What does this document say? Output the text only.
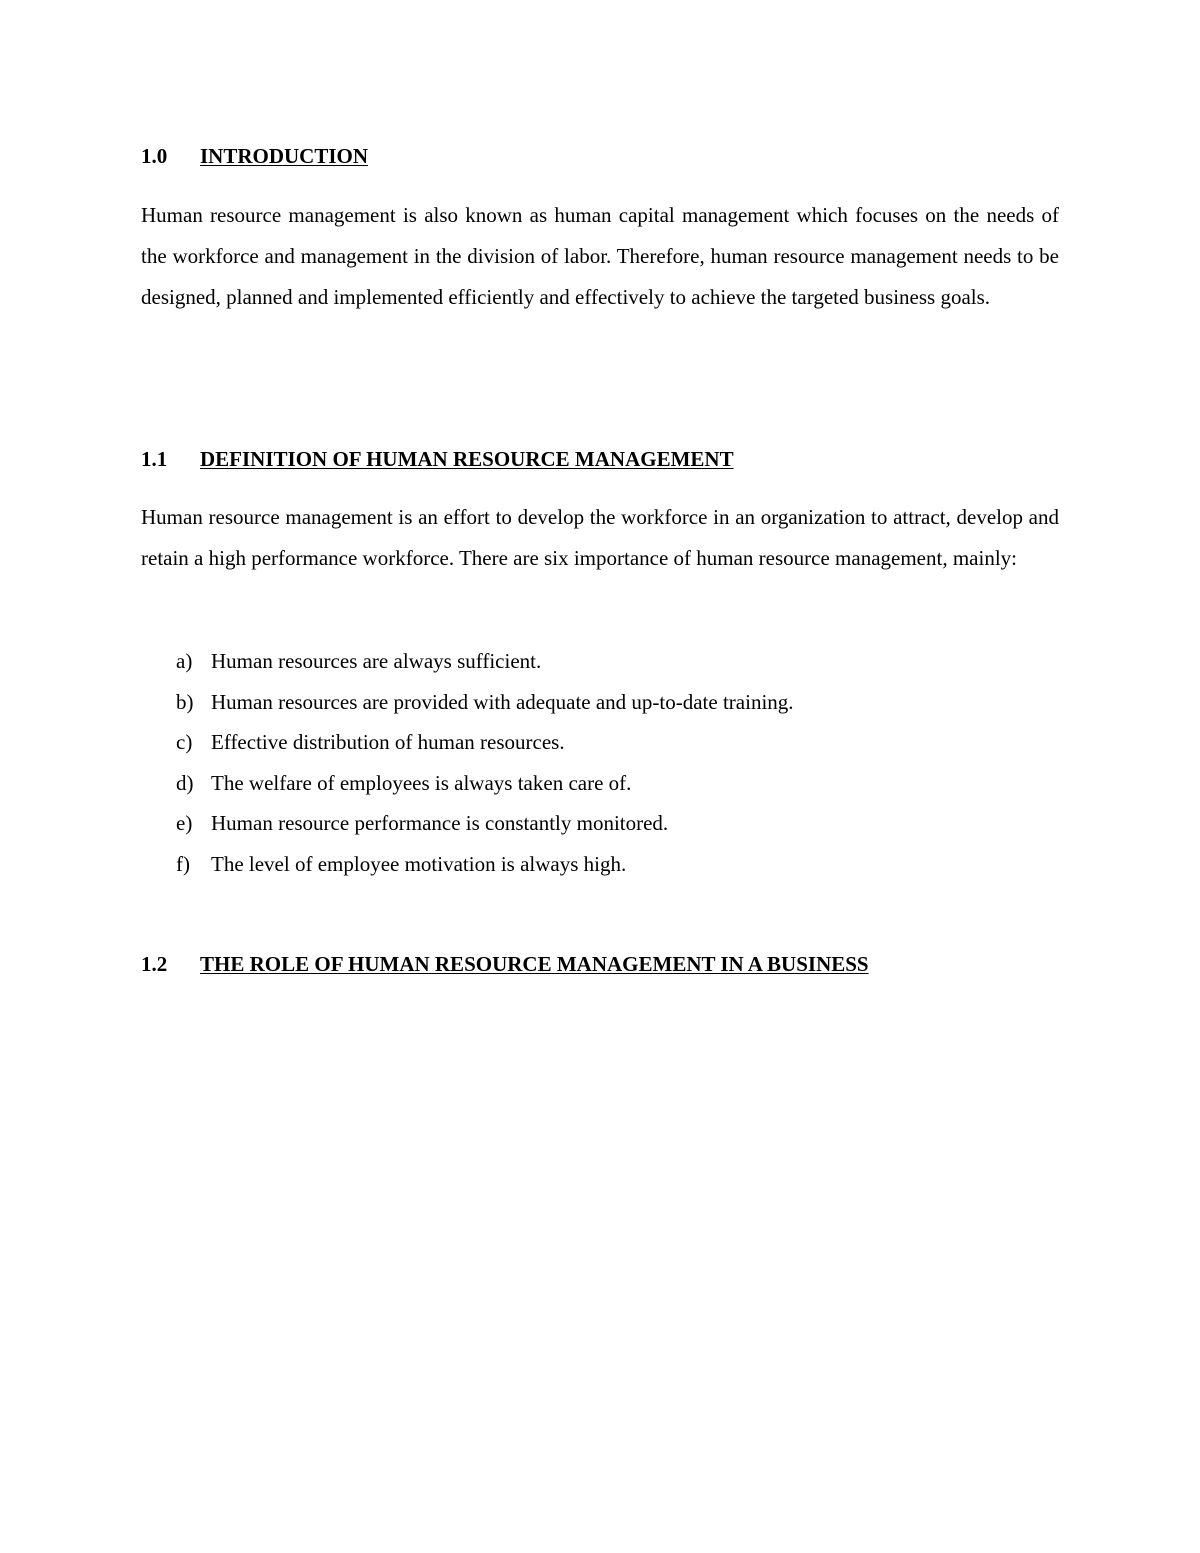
1.0 INTRODUCTION

Human resource management is also known as human capital management which focuses on the needs of the workforce and management in the division of labor. Therefore, human resource management needs to be designed, planned and implemented efficiently and effectively to achieve the targeted business goals.

1.1 DEFINITION OF HUMAN RESOURCE MANAGEMENT

Human resource management is an effort to develop the workforce in an organization to attract, develop and retain a high performance workforce. There are six importance of human resource management, mainly:

a) Human resources are always sufficient.
b) Human resources are provided with adequate and up-to-date training.
c) Effective distribution of human resources.
d) The welfare of employees is always taken care of.
e) Human resource performance is constantly monitored.
f) The level of employee motivation is always high.
1.2 THE ROLE OF HUMAN RESOURCE MANAGEMENT IN A BUSINESS
